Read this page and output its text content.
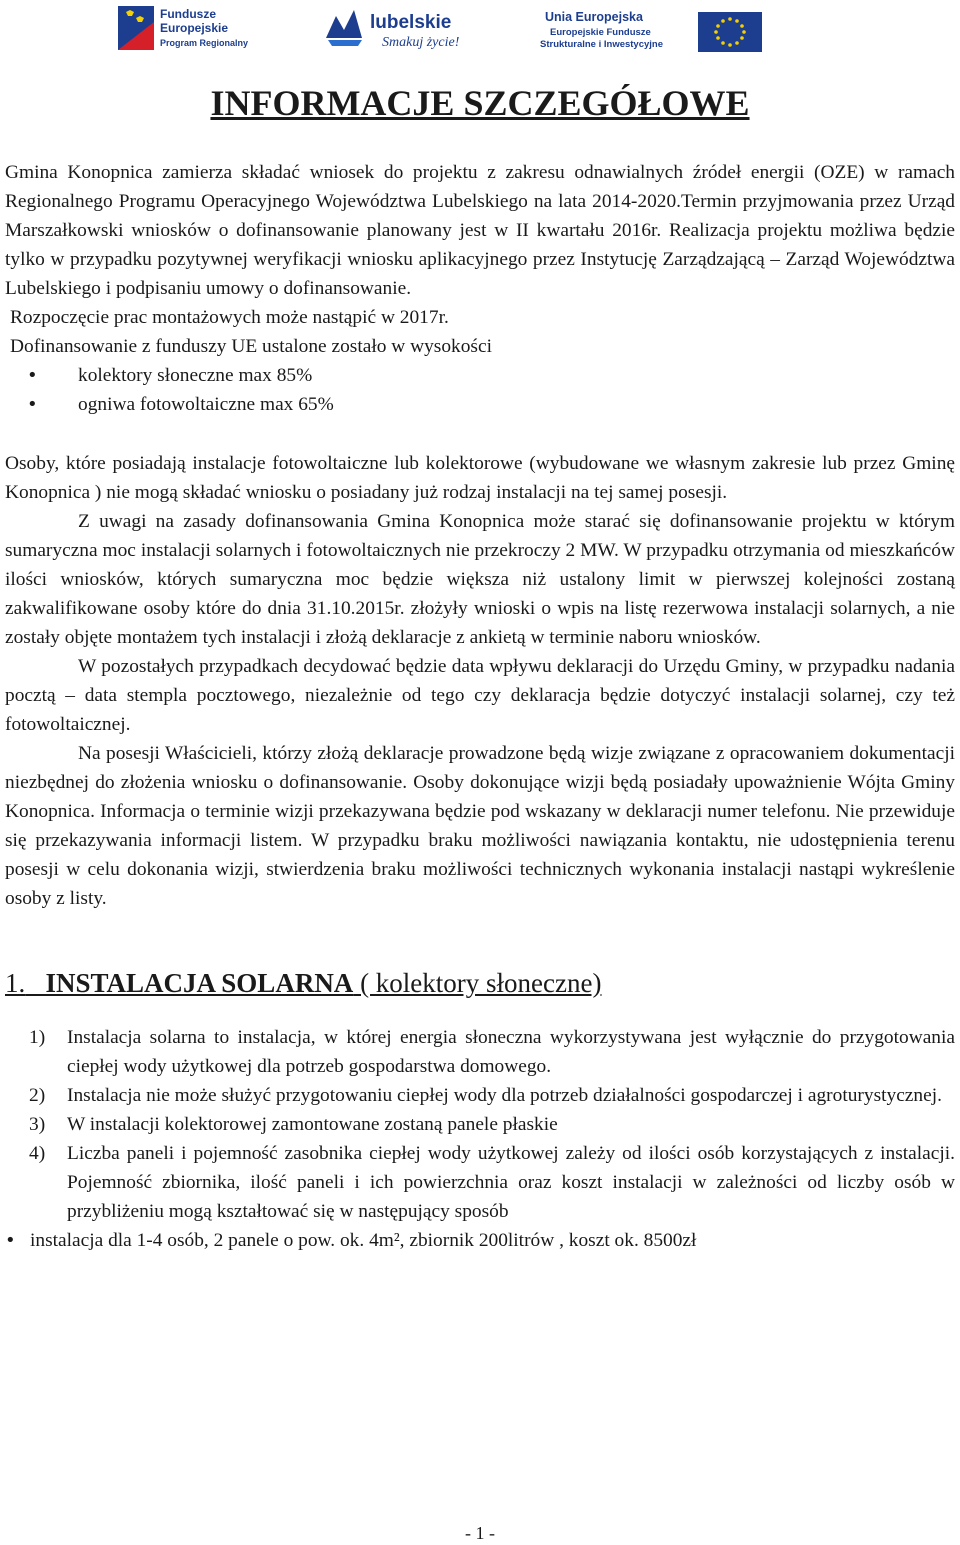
Fundusze
Europejskie
Program Regionalny
lubelskie
Smakuj życie!
Unia Europejska
Europejskie Fundusze
Strukturalne i Inwestycyjne
INFORMACJE SZCZEGÓŁOWE

Gmina Konopnica zamierza składać wniosek do projektu z zakresu odnawialnych źródeł energii (OZE) w ramach Regionalnego Programu Operacyjnego Województwa Lubelskiego na lata 2014-2020.Termin przyjmowania przez Urząd Marszałkowski wniosków o dofinansowanie planowany jest w II kwartału 2016r. Realizacja projektu możliwa będzie tylko w przypadku pozytywnej weryfikacji wniosku aplikacyjnego przez Instytucję Zarządzającą – Zarząd Województwa Lubelskiego i podpisaniu umowy o dofinansowanie.

Rozpoczęcie prac montażowych może nastąpić w 2017r.

Dofinansowanie z funduszy UE ustalone zostało w wysokości

• kolektory słoneczne max 85%
• ogniwa fotowoltaiczne max 65%

Osoby, które posiadają instalacje fotowoltaiczne lub kolektorowe (wybudowane we własnym zakresie lub przez Gminę Konopnica ) nie mogą składać wniosku o posiadany już rodzaj instalacji na tej samej posesji.

Z uwagi na zasady dofinansowania Gmina Konopnica może starać się dofinansowanie projektu w którym sumaryczna moc instalacji solarnych i fotowoltaicznych nie przekroczy 2 MW. W przypadku otrzymania od mieszkańców ilości wniosków, których sumaryczna moc będzie większa niż ustalony limit w pierwszej kolejności zostaną zakwalifikowane osoby które do dnia 31.10.2015r. złożyły wnioski o wpis na listę rezerwowa instalacji solarnych, a nie zostały objęte montażem tych instalacji i złożą deklaracje z ankietą w terminie naboru wniosków.

W pozostałych przypadkach decydować będzie data wpływu deklaracji do Urzędu Gminy, w przypadku nadania pocztą – data stempla pocztowego, niezależnie od tego czy deklaracja będzie dotyczyć instalacji solarnej, czy też fotowoltaicznej.

Na posesji Właścicieli, którzy złożą deklaracje prowadzone będą wizje związane z opracowaniem dokumentacji niezbędnej do złożenia wniosku o dofinansowanie. Osoby dokonujące wizji będą posiadały upoważnienie Wójta Gminy Konopnica. Informacja o terminie wizji przekazywana będzie pod wskazany w deklaracji numer telefonu. Nie przewiduje się przekazywania informacji listem. W przypadku braku możliwości nawiązania kontaktu, nie udostępnienia terenu posesji w celu dokonania wizji, stwierdzenia braku możliwości technicznych wykonania instalacji nastąpi wykreślenie osoby z listy.

1. INSTALACJA SOLARNA ( kolektory słoneczne)
1) Instalacja solarna to instalacja, w której energia słoneczna wykorzystywana jest wyłącznie do przygotowania ciepłej wody użytkowej dla potrzeb gospodarstwa domowego.
2) Instalacja nie może służyć przygotowaniu ciepłej wody dla potrzeb działalności gospodarczej i agroturystycznej.
3) W instalacji kolektorowej zamontowane zostaną panele płaskie
4) Liczba paneli i pojemność zasobnika ciepłej wody użytkowej zależy od ilości osób korzystających z instalacji. Pojemność zbiornika, ilość paneli i ich powierzchnia oraz koszt instalacji w zależności od liczby osób w przybliżeniu mogą kształtować się w następujący sposób

• instalacja dla 1-4 osób, 2 panele o pow. ok. 4m², zbiornik 200litrów , koszt ok. 8500zł

- 1 -
